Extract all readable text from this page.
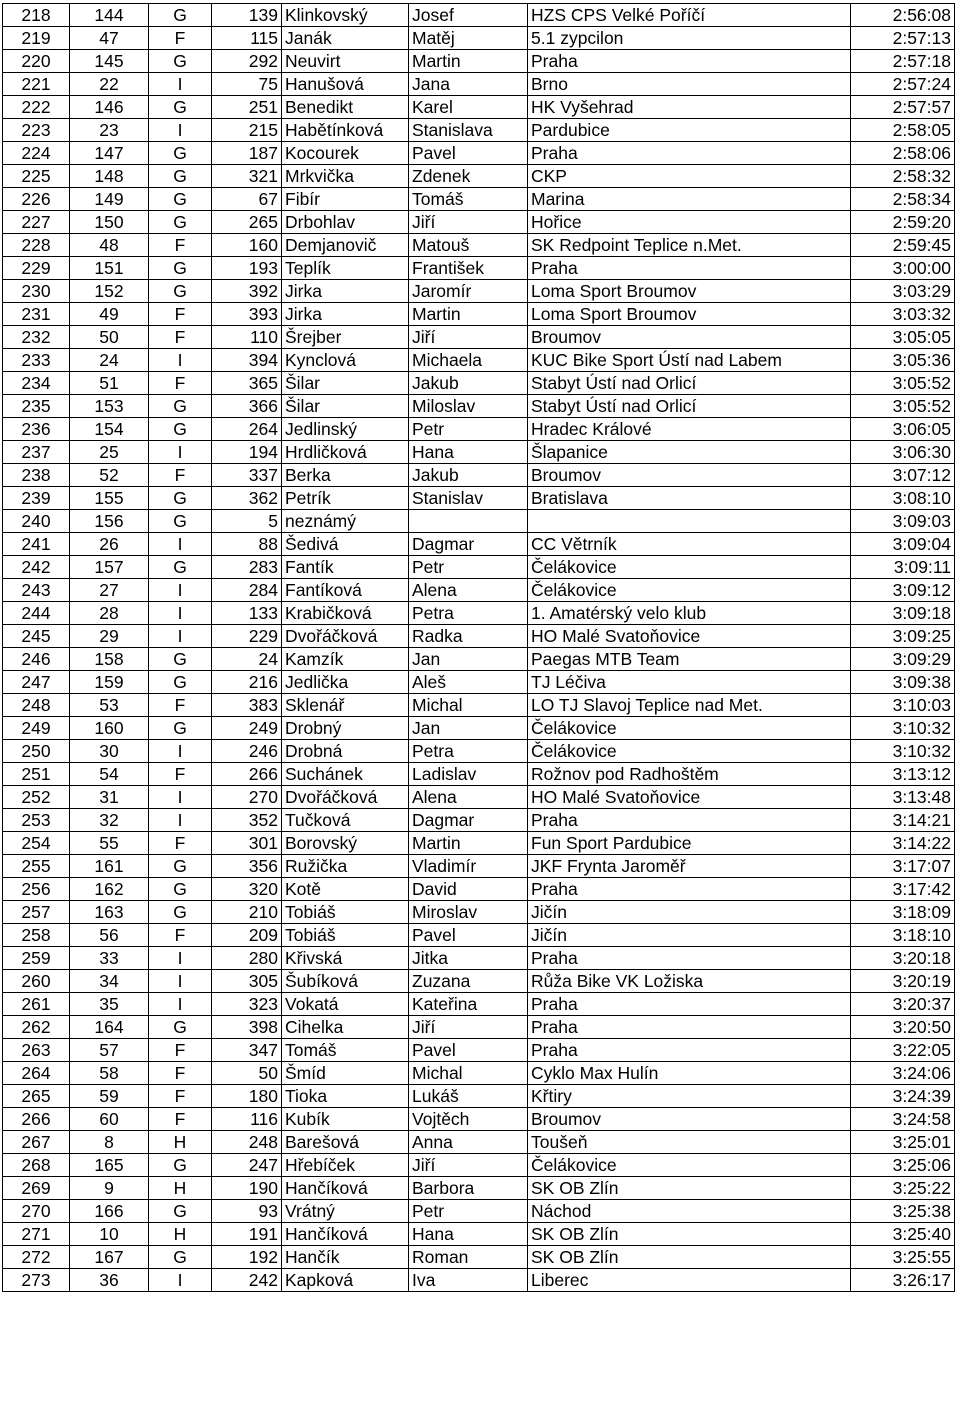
218	144	G	139	Klinkovský	Josef	HZS CPS Velké Poříčí	2:56:08
219	47	F	115	Janák	Matěj	5.1 zypcilon	2:57:13
220	145	G	292	Neuvirt	Martin	Praha	2:57:18
221	22	I	75	Hanušová	Jana	Brno	2:57:24
222	146	G	251	Benedikt	Karel	HK Vyšehrad	2:57:57
223	23	I	215	Habětínková	Stanislava	Pardubice	2:58:05
224	147	G	187	Kocourek	Pavel	Praha	2:58:06
225	148	G	321	Mrkvička	Zdenek	CKP	2:58:32
226	149	G	67	Fibír	Tomáš	Marina	2:58:34
227	150	G	265	Drbohlav	Jiří	Hořice	2:59:20
228	48	F	160	Demjanovič	Matouš	SK Redpoint Teplice n.Met.	2:59:45
229	151	G	193	Teplík	František	Praha	3:00:00
230	152	G	392	Jirka	Jaromír	Loma Sport Broumov	3:03:29
231	49	F	393	Jirka	Martin	Loma Sport Broumov	3:03:32
232	50	F	110	Šrejber	Jiří	Broumov	3:05:05
233	24	I	394	Kynclová	Michaela	KUC Bike Sport Ústí nad Labem	3:05:36
234	51	F	365	Šilar	Jakub	Stabyt Ústí nad Orlicí	3:05:52
235	153	G	366	Šilar	Miloslav	Stabyt Ústí nad Orlicí	3:05:52
236	154	G	264	Jedlinský	Petr	Hradec Králové	3:06:05
237	25	I	194	Hrdličková	Hana	Šlapanice	3:06:30
238	52	F	337	Berka	Jakub	Broumov	3:07:12
239	155	G	362	Petrík	Stanislav	Bratislava	3:08:10
240	156	G	5	neznámý			3:09:03
241	26	I	88	Šedivá	Dagmar	CC Větrník	3:09:04
242	157	G	283	Fantík	Petr	Čelákovice	3:09:11
243	27	I	284	Fantíková	Alena	Čelákovice	3:09:12
244	28	I	133	Krabičková	Petra	1. Amatérský velo klub	3:09:18
245	29	I	229	Dvořáčková	Radka	HO Malé Svatoňovice	3:09:25
246	158	G	24	Kamzík	Jan	Paegas MTB Team	3:09:29
247	159	G	216	Jedlička	Aleš	TJ Léčiva	3:09:38
248	53	F	383	Sklenář	Michal	LO TJ Slavoj Teplice nad Met.	3:10:03
249	160	G	249	Drobný	Jan	Čelákovice	3:10:32
250	30	I	246	Drobná	Petra	Čelákovice	3:10:32
251	54	F	266	Suchánek	Ladislav	Rožnov pod Radhoštěm	3:13:12
252	31	I	270	Dvořáčková	Alena	HO Malé Svatoňovice	3:13:48
253	32	I	352	Tučková	Dagmar	Praha	3:14:21
254	55	F	301	Borovský	Martin	Fun Sport Pardubice	3:14:22
255	161	G	356	Ružička	Vladimír	JKF Frynta Jaroměř	3:17:07
256	162	G	320	Kotě	David	Praha	3:17:42
257	163	G	210	Tobiáš	Miroslav	Jičín	3:18:09
258	56	F	209	Tobiáš	Pavel	Jičín	3:18:10
259	33	I	280	Křivská	Jitka	Praha	3:20:18
260	34	I	305	Šubíková	Zuzana	Růža Bike VK Ložiska	3:20:19
261	35	I	323	Vokatá	Kateřina	Praha	3:20:37
262	164	G	398	Cihelka	Jiří	Praha	3:20:50
263	57	F	347	Tomáš	Pavel	Praha	3:22:05
264	58	F	50	Šmíd	Michal	Cyklo Max Hulín	3:24:06
265	59	F	180	Tioka	Lukáš	Křtiry	3:24:39
266	60	F	116	Kubík	Vojtěch	Broumov	3:24:58
267	8	H	248	Barešová	Anna	Toušeň	3:25:01
268	165	G	247	Hřebíček	Jiří	Čelákovice	3:25:06
269	9	H	190	Hančíková	Barbora	SK OB Zlín	3:25:22
270	166	G	93	Vrátný	Petr	Náchod	3:25:38
271	10	H	191	Hančíková	Hana	SK OB Zlín	3:25:40
272	167	G	192	Hančík	Roman	SK OB Zlín	3:25:55
273	36	I	242	Kapková	Iva	Liberec	3:26:17
